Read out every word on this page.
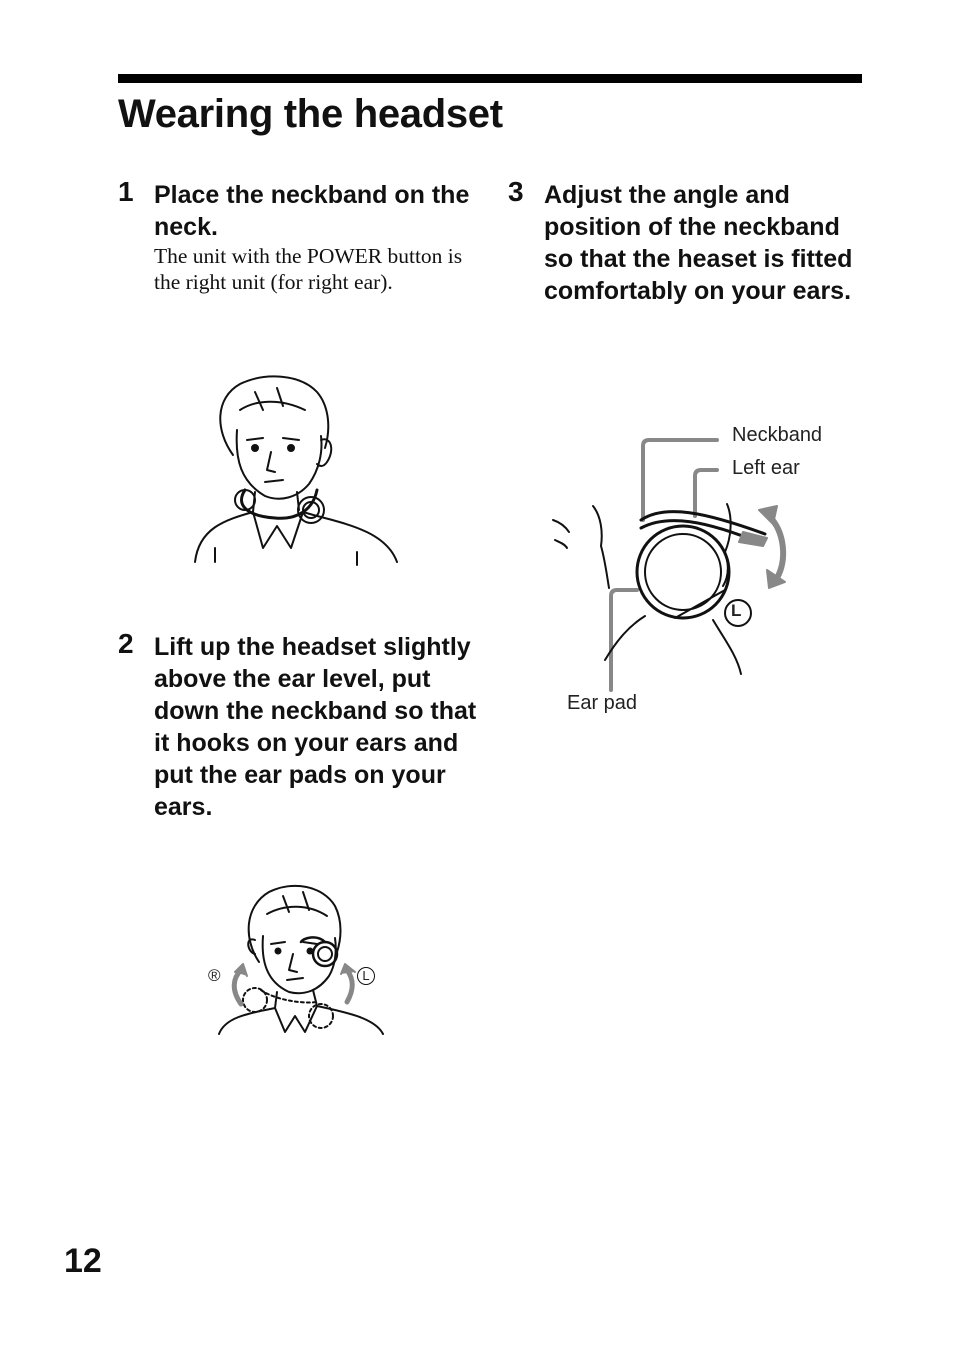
Wearing the headset
1 Place the neckband on the neck.
The unit with the POWER button is the right unit (for right ear).
2 Lift up the headset slightly above the ear level, put down the neckband so that it hooks on your ears and put the ear pads on your ears.
®	L
3 Adjust the angle and position of the neckband so that the heaset is fitted comfortably on your ears.
Neckband
Left ear
Ear pad
L
12
